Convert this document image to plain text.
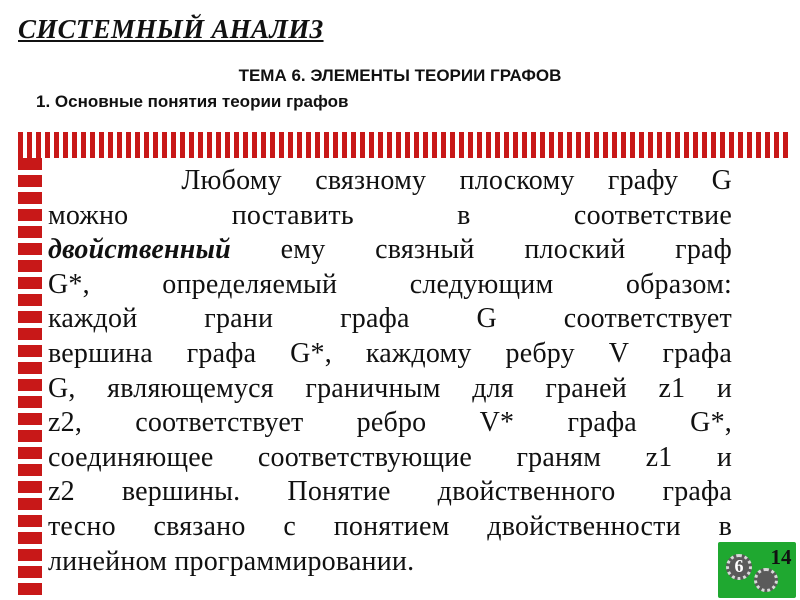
СИСТЕМНЫЙ АНАЛИЗ
ТЕМА 6. ЭЛЕМЕНТЫ ТЕОРИИ ГРАФОВ
1. Основные понятия теории графов

Любому связному плоскому графу G
можно поставить в соответствие
двойственный ему связный плоский граф
G*, определяемый следующим образом:
каждой грани графа G соответствует
вершина графа G*, каждому ребру V графа
G, являющемуся граничным для граней z1 и
z2, соответствует ребро V* графа G*,
соединяющее соответствующие граням z1 и
z2 вершины. Понятие двойственного графа
тесно связано с понятием двойственности в
линейном программировании.	6 14
